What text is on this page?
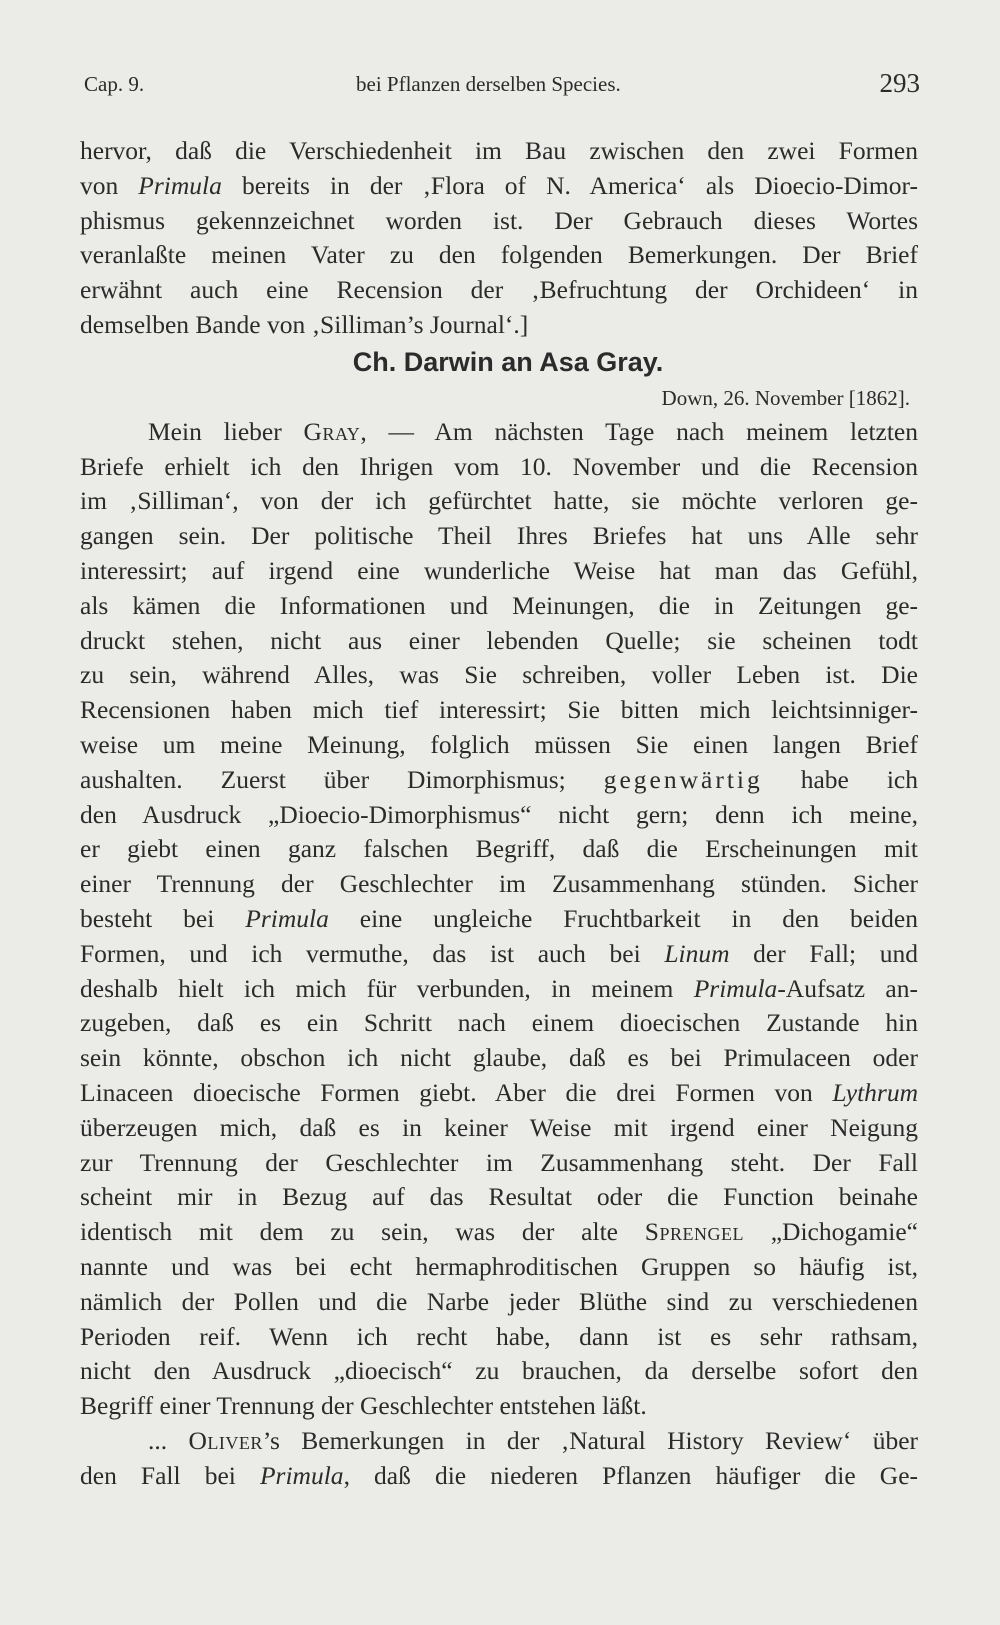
Cap. 9.	bei Pflanzen derselben Species.	293
hervor, daß die Verschiedenheit im Bau zwischen den zwei Formen
von Primula bereits in der ‚Flora of N. America‘ als Dioecio-Dimor-
phismus gekennzeichnet worden ist. Der Gebrauch dieses Wortes
veranlaßte meinen Vater zu den folgenden Bemerkungen. Der Brief
erwähnt auch eine Recension der ‚Befruchtung der Orchideen‘ in
demselben Bande von ‚Silliman’s Journal‘.]
Ch. Darwin an Asa Gray.
Down, 26. November [1862].
Mein lieber Gray, — Am nächsten Tage nach meinem letzten
Briefe erhielt ich den Ihrigen vom 10. November und die Recension
im ‚Silliman‘, von der ich gefürchtet hatte, sie möchte verloren ge-
gangen sein. Der politische Theil Ihres Briefes hat uns Alle sehr
interessirt; auf irgend eine wunderliche Weise hat man das Gefühl,
als kämen die Informationen und Meinungen, die in Zeitungen ge-
druckt stehen, nicht aus einer lebenden Quelle; sie scheinen todt
zu sein, während Alles, was Sie schreiben, voller Leben ist. Die
Recensionen haben mich tief interessirt; Sie bitten mich leichtsinniger-
weise um meine Meinung, folglich müssen Sie einen langen Brief
aushalten. Zuerst über Dimorphismus; gegenwärtig habe ich
den Ausdruck „Dioecio-Dimorphismus“ nicht gern; denn ich meine,
er giebt einen ganz falschen Begriff, daß die Erscheinungen mit
einer Trennung der Geschlechter im Zusammenhang stünden. Sicher
besteht bei Primula eine ungleiche Fruchtbarkeit in den beiden
Formen, und ich vermuthe, das ist auch bei Linum der Fall; und
deshalb hielt ich mich für verbunden, in meinem Primula-Aufsatz an-
zugeben, daß es ein Schritt nach einem dioecischen Zustande hin
sein könnte, obschon ich nicht glaube, daß es bei Primulaceen oder
Linaceen dioecische Formen giebt. Aber die drei Formen von Lythrum
überzeugen mich, daß es in keiner Weise mit irgend einer Neigung
zur Trennung der Geschlechter im Zusammenhang steht. Der Fall
scheint mir in Bezug auf das Resultat oder die Function beinahe
identisch mit dem zu sein, was der alte Sprengel „Dichogamie“
nannte und was bei echt hermaphroditischen Gruppen so häufig ist,
nämlich der Pollen und die Narbe jeder Blüthe sind zu verschiedenen
Perioden reif. Wenn ich recht habe, dann ist es sehr rathsam,
nicht den Ausdruck „dioecisch“ zu brauchen, da derselbe sofort den
Begriff einer Trennung der Geschlechter entstehen läßt.
... Oliver’s Bemerkungen in der ‚Natural History Review‘ über
den Fall bei Primula, daß die niederen Pflanzen häufiger die Ge-
